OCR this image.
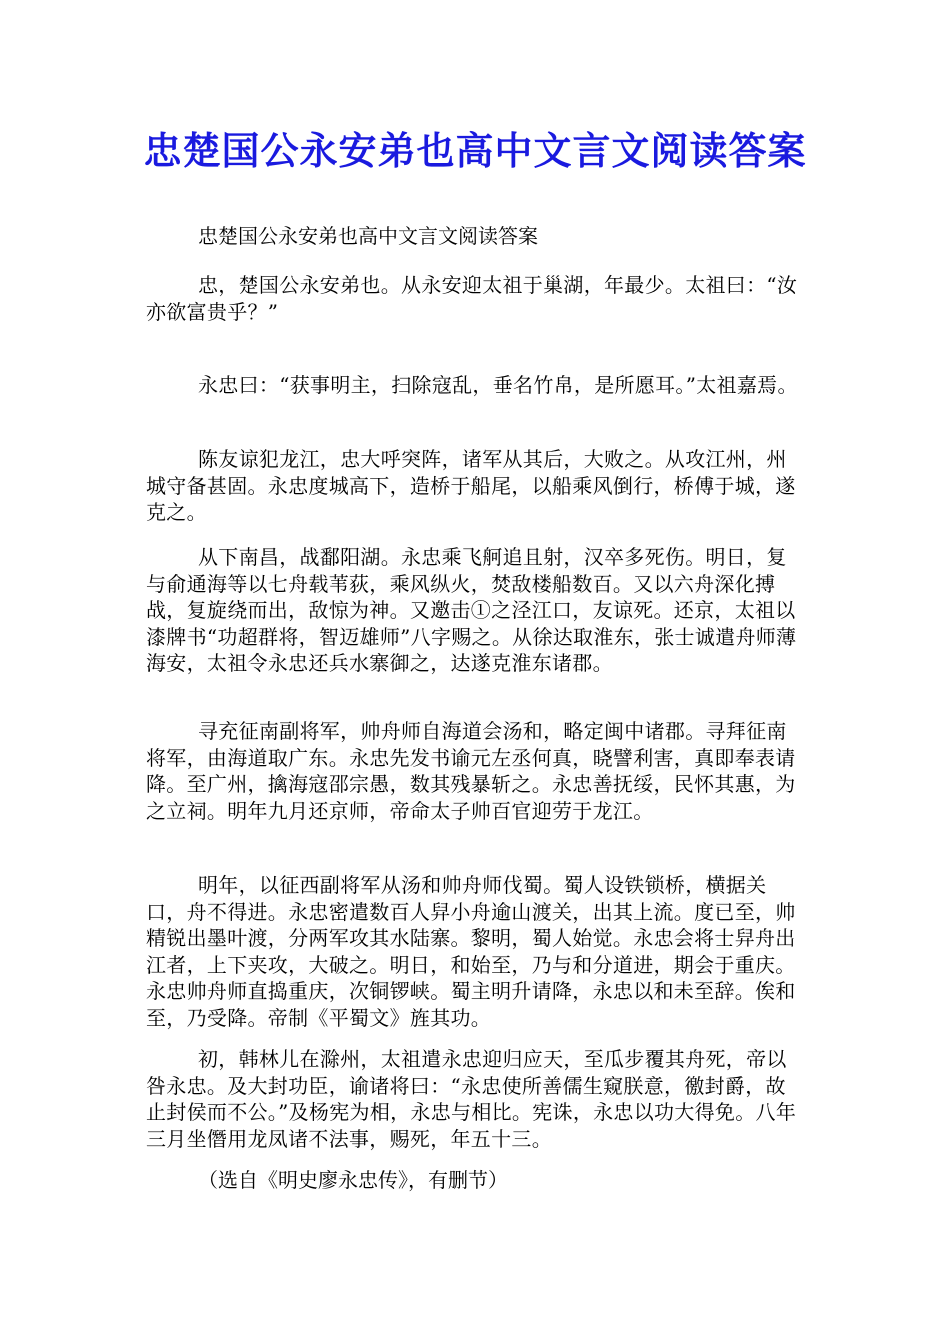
忠楚国公永安弟也高中文言文阅读答案
忠楚国公永安弟也高中文言文阅读答案
忠，楚国公永安弟也。从永安迎太祖于巢湖，年最少。太祖曰：“汝亦欲富贵乎？”
永忠曰：“获事明主，扫除寇乱，垂名竹帛，是所愿耳。”太祖嘉焉。
陈友谅犯龙江，忠大呼突阵，诸军从其后，大败之。从攻江州，州城守备甚固。永忠度城高下，造桥于船尾，以船乘风倒行，桥傅于城，遂克之。
从下南昌，战鄱阳湖。永忠乘飞舸追且射，汉卒多死伤。明日，复与俞通海等以七舟载苇荻，乘风纵火，焚敌楼船数百。又以六舟深化搏战，复旋绕而出，敌惊为神。又邀击①之泾江口，友谅死。还京，太祖以漆牌书“功超群将，智迈雄师”八字赐之。从徐达取淮东，张士诚遣舟师薄海安，太祖令永忠还兵水寨御之，达遂克淮东诸郡。
寻充征南副将军，帅舟师自海道会汤和，略定闽中诸郡。寻拜征南将军，由海道取广东。永忠先发书谕元左丞何真，晓譬利害，真即奉表请降。至广州，擒海寇邵宗愚，数其残暴斩之。永忠善抚绥，民怀其惠，为之立祠。明年九月还京师，帝命太子帅百官迎劳于龙江。
明年，以征西副将军从汤和帅舟师伐蜀。蜀人设铁锁桥，横据关口，舟不得进。永忠密遣数百人舁小舟逾山渡关，出其上流。度已至，帅精锐出墨叶渡，分两军攻其水陆寨。黎明，蜀人始觉。永忠会将士舁舟出江者，上下夹攻，大破之。明日，和始至，乃与和分道进，期会于重庆。永忠帅舟师直捣重庆，次铜锣峡。蜀主明升请降，永忠以和未至辞。俟和至，乃受降。帝制《平蜀文》旌其功。
初，韩林儿在滁州，太祖遣永忠迎归应天，至瓜步覆其舟死，帝以咎永忠。及大封功臣，谕诸将曰：“永忠使所善儒生窥朕意，徼封爵，故止封侯而不公。”及杨宪为相，永忠与相比。宪诛，永忠以功大得免。八年三月坐僭用龙凤诸不法事，赐死，年五十三。
（选自《明史廖永忠传》，有删节）
